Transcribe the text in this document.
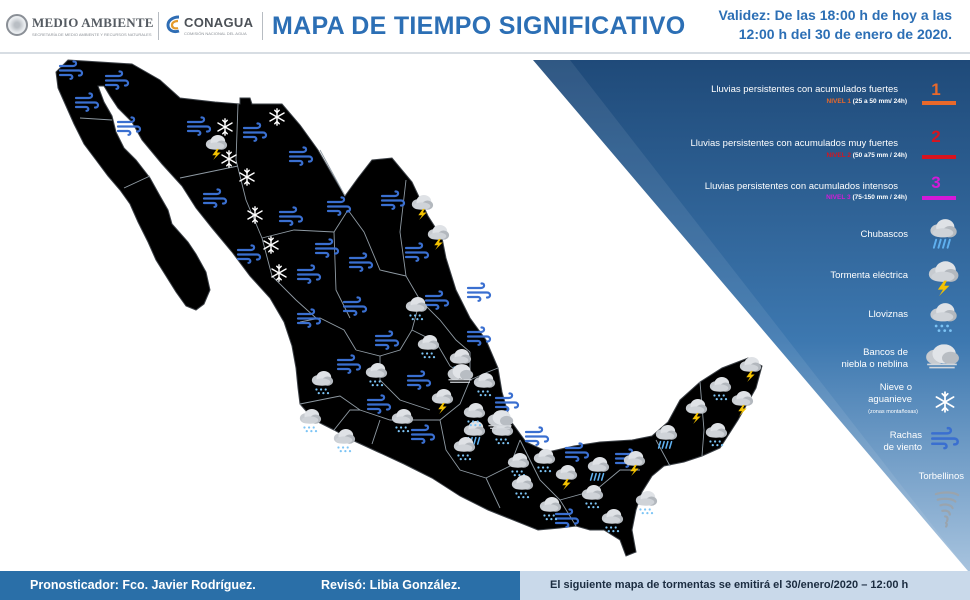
MEDIO AMBIENTE
SECRETARÍA DE MEDIO AMBIENTE Y RECURSOS NATURALES
CONAGUA
COMISIÓN NACIONAL DEL AGUA MAPA DE TIEMPO SIGNIFICATIVO	Validez: De las 18:00 h de hoy a las
12:00 h del 30 de enero de 2020.
Lluvias persistentes con acumulados fuertes
NIVEL 1 (25 a 50 mm/ 24h)
1
Lluvias persistentes con acumulados muy fuertes
NIVEL 2 (50 a75 mm / 24h)
2
Lluvias persistentes con acumulados intensos
NIVEL 3 (75-150 mm / 24h)
3
Chubascos
Tormenta eléctrica
Lloviznas
Bancos de
niebla o neblina
Nieve o
aguanieve
(zonas montañosas)
Rachas
de viento
Torbellinos
Pronosticador: Fco. Javier Rodríguez.	Revisó: Libia González.	El siguiente mapa de tormentas se emitirá el 30/enero/2020 – 12:00 h
